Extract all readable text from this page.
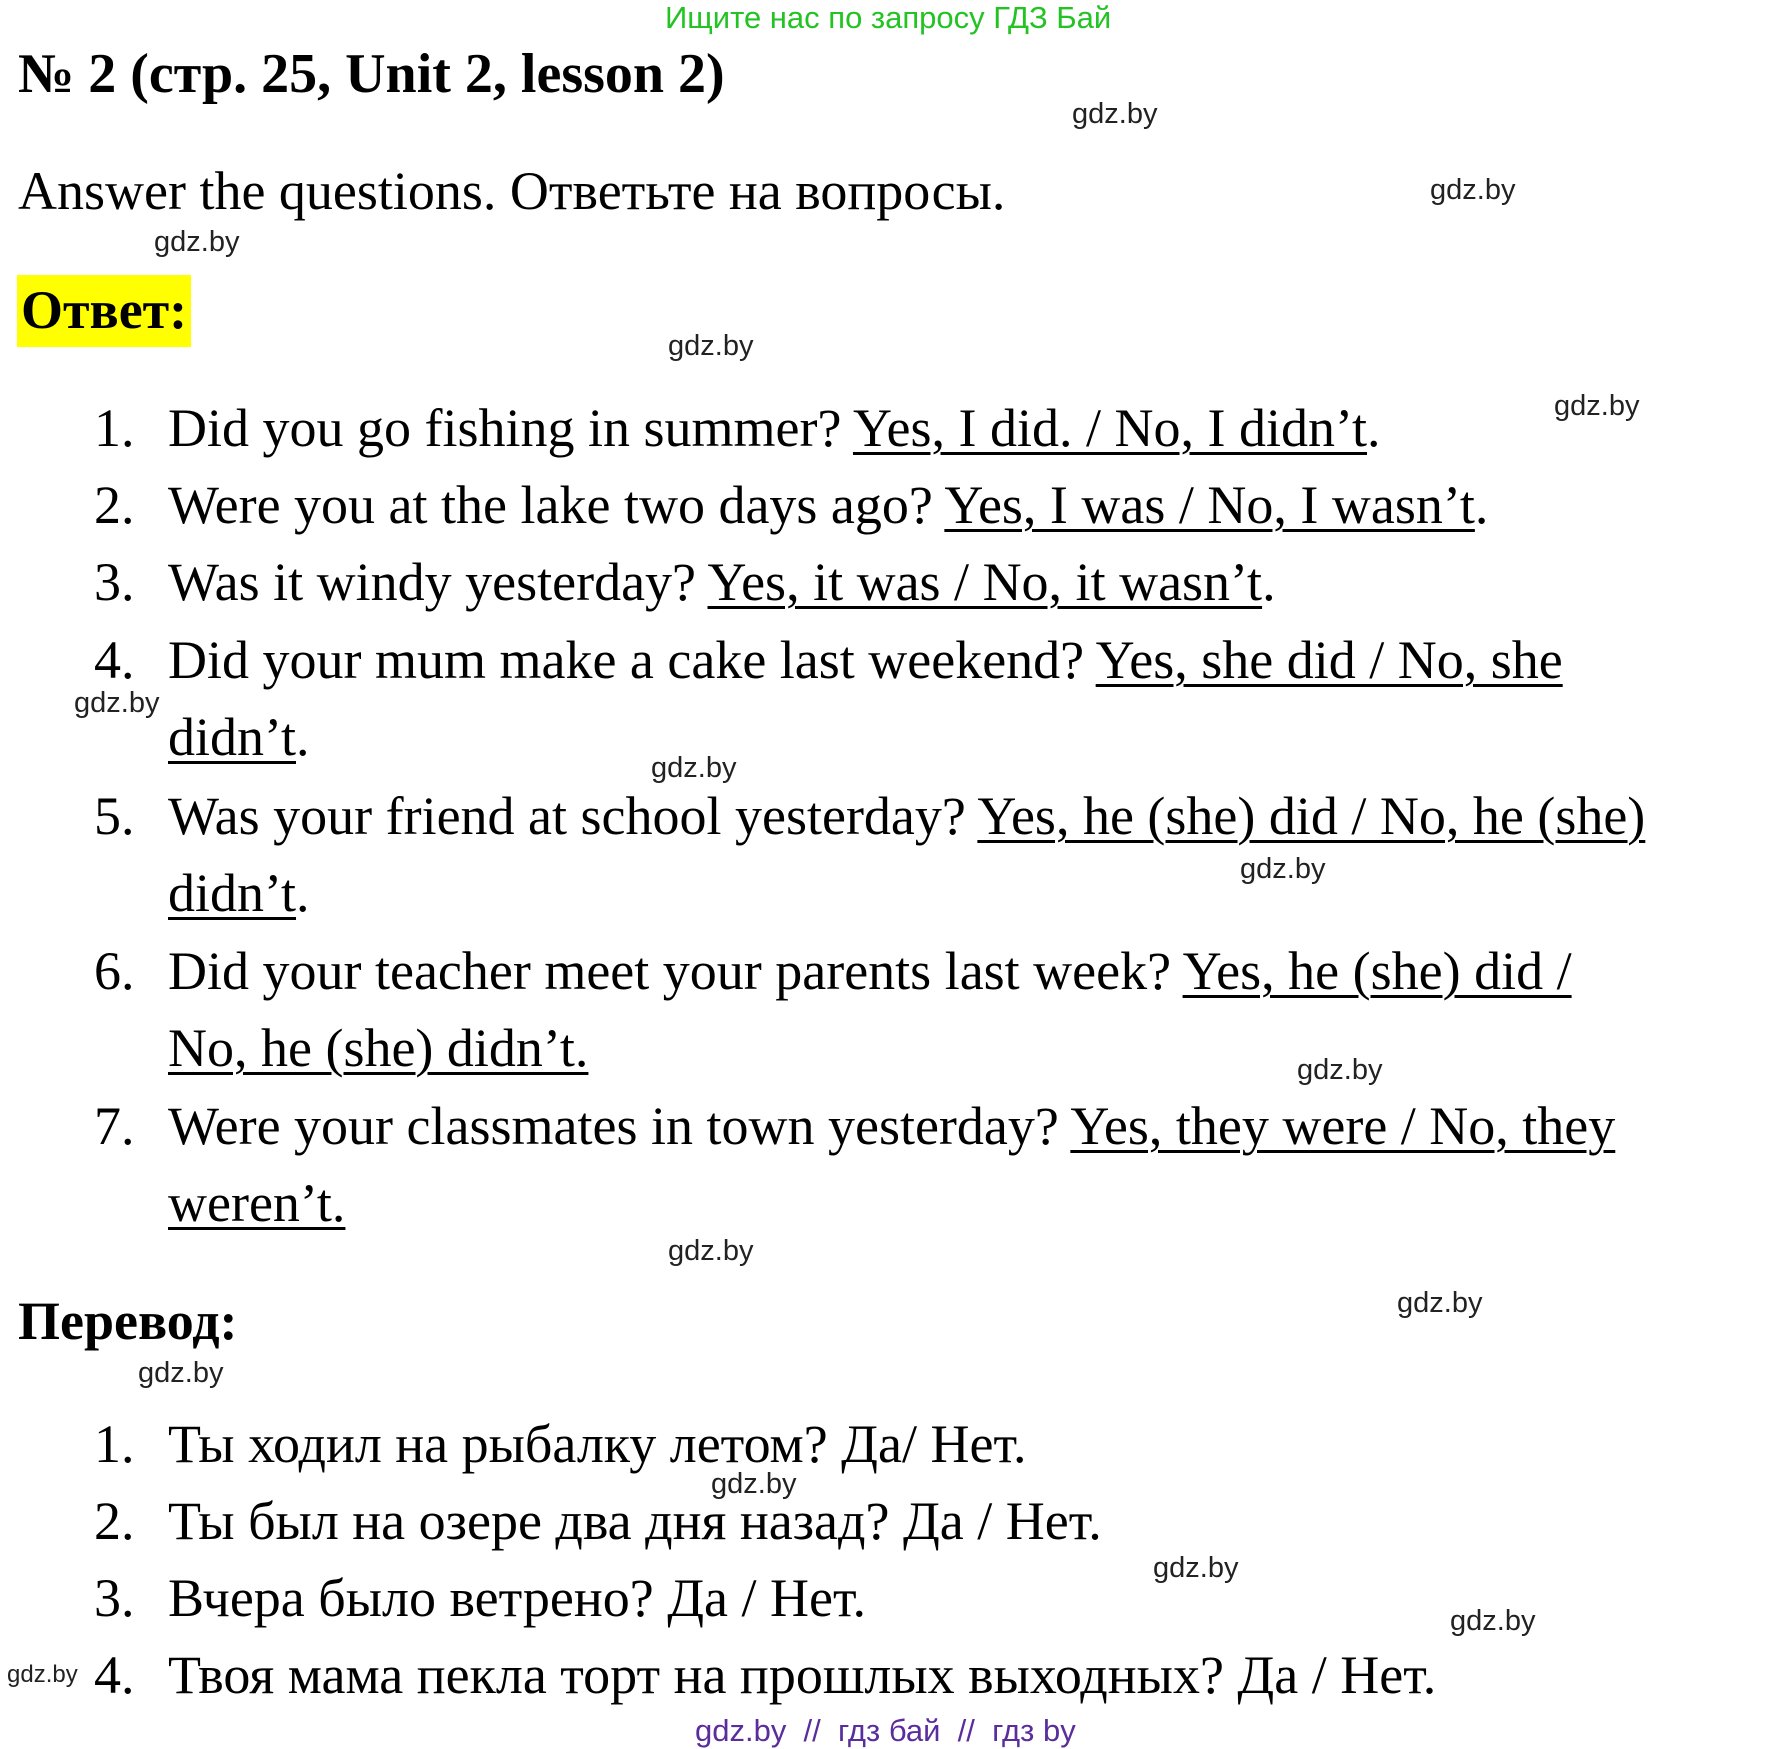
Ищите нас по запросу ГДЗ Бай
№ 2 (стр. 25, Unit 2, lesson 2)
Answer the questions. Ответьте на вопросы.
Ответ:
1. Did you go fishing in summer? Yes, I did. / No, I didn’t.
2. Were you at the lake two days ago? Yes, I was / No, I wasn’t.
3. Was it windy yesterday? Yes, it was / No, it wasn’t.
4. Did your mum make a cake last weekend? Yes, she did / No, she
didn’t.
5. Was your friend at school yesterday? Yes, he (she) did / No, he (she)
didn’t.
6. Did your teacher meet your parents last week? Yes, he (she) did /
No, he (she) didn’t.
7. Were your classmates in town yesterday? Yes, they were / No, they
weren’t.
Перевод:
1. Ты ходил на рыбалку летом? Да/ Нет.
2. Ты был на озере два дня назад? Да / Нет.
3. Вчера было ветрено? Да / Нет.
4. Твоя мама пекла торт на прошлых выходных? Да / Нет.
gdz.by
gdz.by
gdz.by
gdz.by
gdz.by
gdz.by
gdz.by
gdz.by
gdz.by
gdz.by
gdz.by
gdz.by
gdz.by
gdz.by
gdz.by
gdz.by
gdz.by  //  гдз бай  //  гдз by
